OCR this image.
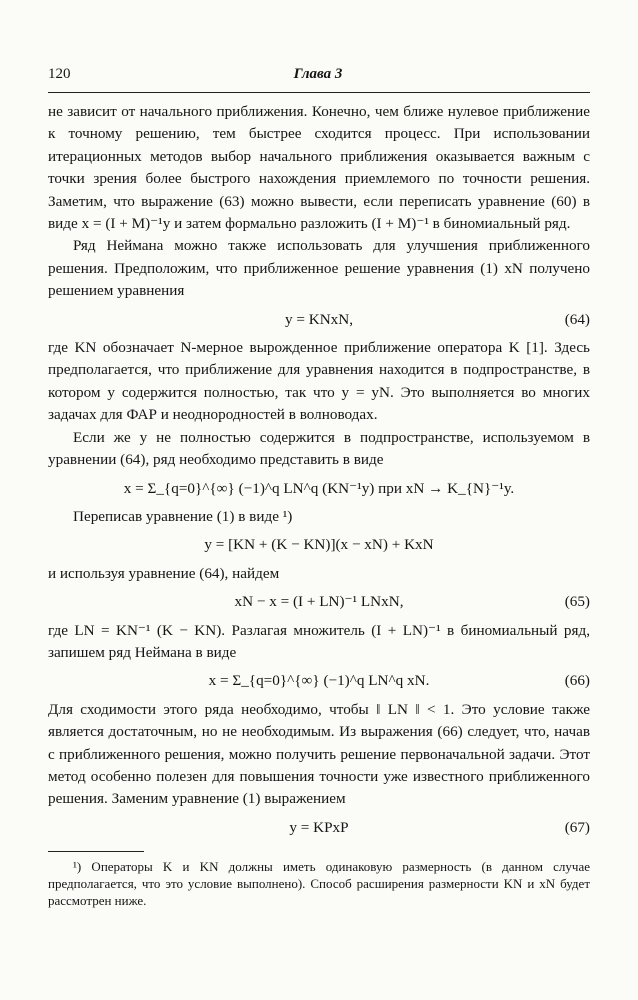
120	Глава 3

не зависит от начального приближения. Конечно, чем ближе нулевое приближение к точному решению, тем быстрее сходится процесс. При использовании итерационных методов выбор начального приближения оказывается важным с точки зрения более быстрого нахождения приемлемого по точности решения. Заметим, что выражение (63) можно вывести, если переписать уравнение (60) в виде x = (I + M)⁻¹y и затем формально разложить (I + M)⁻¹ в биномиальный ряд.

Ряд Неймана можно также использовать для улучшения приближенного решения. Предположим, что приближенное решение уравнения (1) xN получено решением уравнения

y = KNxN,	(64)

где KN обозначает N-мерное вырожденное приближение оператора K [1]. Здесь предполагается, что приближение для уравнения находится в подпространстве, в котором y содержится полностью, так что y = yN. Это выполняется во многих задачах для ФАР и неоднородностей в волноводах.

Если же y не полностью содержится в подпространстве, используемом в уравнении (64), ряд необходимо представить в виде

x = Σ_{q=0}^{∞} (−1)^q LN^q (KN⁻¹y) при xN → K_{N}⁻¹y.

Переписав уравнение (1) в виде ¹)

y = [KN + (K − KN)](x − xN) + KxN

и используя уравнение (64), найдем

xN − x = (I + LN)⁻¹ LNxN,	(65)

где LN = KN⁻¹ (K − KN). Разлагая множитель (I + LN)⁻¹ в биномиальный ряд, запишем ряд Неймана в виде

x = Σ_{q=0}^{∞} (−1)^q LN^q xN.	(66)

Для сходимости этого ряда необходимо, чтобы ‖ LN ‖ < 1. Это условие также является достаточным, но не необходимым. Из выражения (66) следует, что, начав с приближенного решения, можно получить решение первоначальной задачи. Этот метод особенно полезен для повышения точности уже известного приближенного решения. Заменим уравнение (1) выражением

y = KPxP	(67)

¹) Операторы K и KN должны иметь одинаковую размерность (в данном случае предполагается, что это условие выполнено). Способ расширения размерности KN и xN будет рассмотрен ниже.
